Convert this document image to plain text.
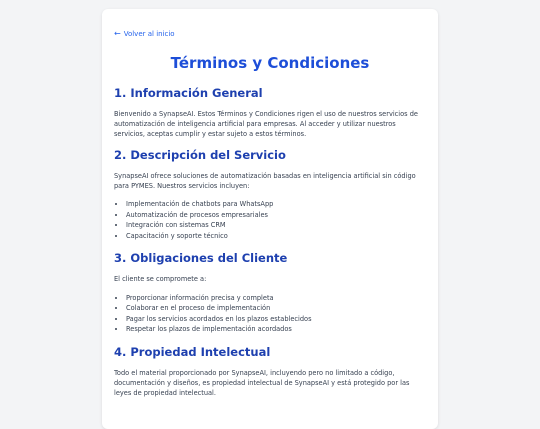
← Volver al inicio
Términos y Condiciones
1. Información General

Bienvenido a SynapseAI. Estos Términos y Condiciones rigen el uso de nuestros servicios de automatización de inteligencia artificial para empresas. Al acceder y utilizar nuestros servicios, aceptas cumplir y estar sujeto a estos términos.

2. Descripción del Servicio

SynapseAI ofrece soluciones de automatización basadas en inteligencia artificial sin código para PYMES. Nuestros servicios incluyen:

• Implementación de chatbots para WhatsApp
• Automatización de procesos empresariales
• Integración con sistemas CRM
• Capacitación y soporte técnico
3. Obligaciones del Cliente

El cliente se compromete a:

• Proporcionar información precisa y completa
• Colaborar en el proceso de implementación
• Pagar los servicios acordados en los plazos establecidos
• Respetar los plazos de implementación acordados
4. Propiedad Intelectual

Todo el material proporcionado por SynapseAI, incluyendo pero no limitado a código, documentación y diseños, es propiedad intelectual de SynapseAI y está protegido por las leyes de propiedad intelectual.
